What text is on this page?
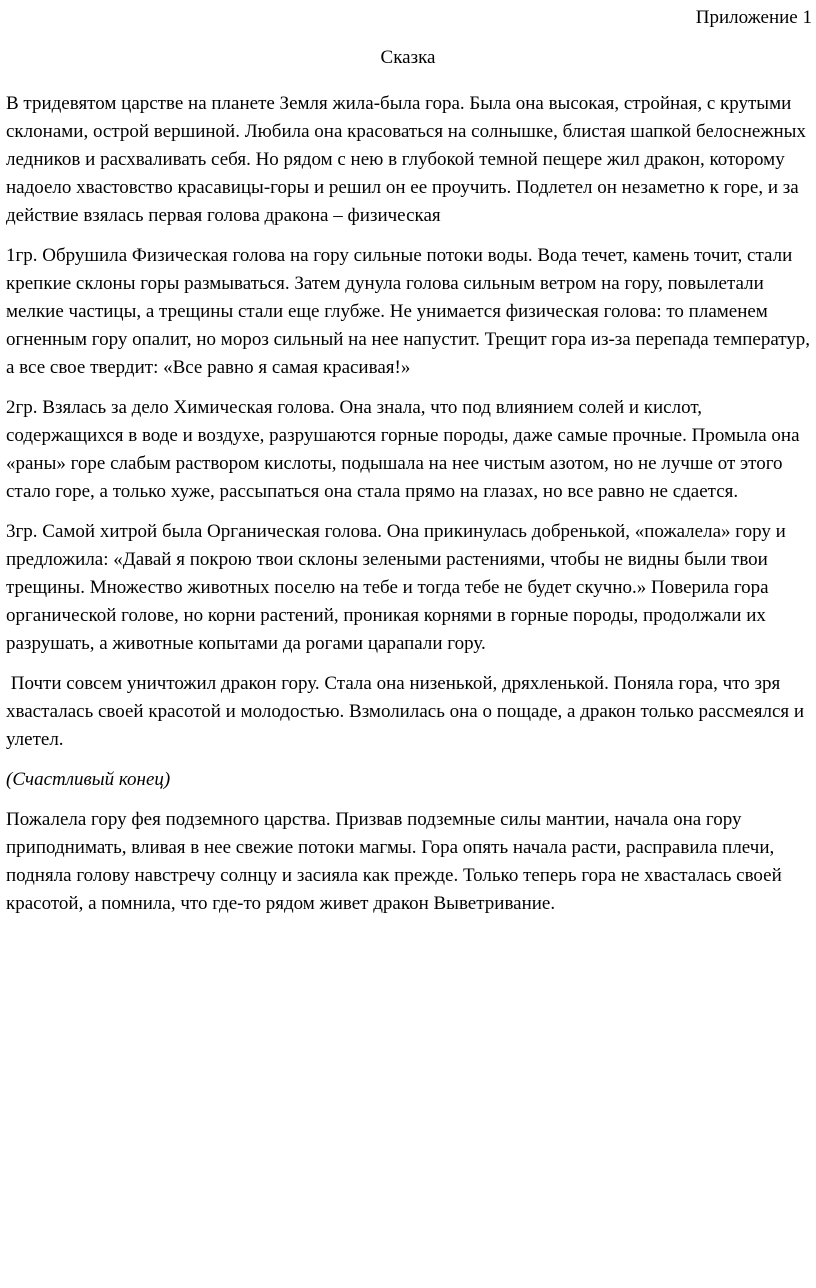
Приложение 1
Сказка

В тридевятом царстве на планете Земля жила-была гора. Была она высокая, стройная, с крутыми склонами, острой вершиной. Любила она красоваться на солнышке, блистая шапкой белоснежных ледников и расхваливать себя. Но рядом с нею в глубокой темной пещере жил дракон, которому надоело хвастовство красавицы-горы и решил он ее проучить. Подлетел он незаметно к горе, и за действие взялась первая голова дракона – физическая

1гр. Обрушила Физическая голова на гору сильные потоки воды. Вода течет, камень точит, стали крепкие склоны горы размываться. Затем дунула голова сильным ветром на гору, повылетали мелкие частицы, а трещины стали еще глубже. Не унимается физическая голова: то пламенем огненным гору опалит, но мороз сильный на нее напустит. Трещит гора из-за перепада температур, а все свое твердит: «Все равно я самая красивая!»

2гр. Взялась за дело Химическая голова. Она знала, что под влиянием солей и кислот, содержащихся в воде и воздухе, разрушаются горные породы, даже самые прочные. Промыла она «раны» горе слабым раствором кислоты, подышала на нее чистым азотом, но не лучше от этого стало горе, а только хуже, рассыпаться она стала прямо на глазах, но все равно не сдается.

3гр. Самой хитрой была Органическая голова. Она прикинулась добренькой, «пожалела» гору и предложила: «Давай я покрою твои склоны зелеными растениями, чтобы не видны были твои трещины. Множество животных поселю на тебе и тогда тебе не будет скучно.» Поверила гора органической голове, но корни растений, проникая корнями в горные породы, продолжали их разрушать, а животные копытами да рогами царапали гору.

Почти совсем уничтожил дракон гору. Стала она низенькой, дряхленькой. Поняла гора, что зря хвасталась своей красотой и молодостью. Взмолилась она о пощаде, а дракон только рассмеялся и улетел.

(Счастливый конец)

Пожалела гору фея подземного царства. Призвав подземные силы мантии, начала она гору приподнимать, вливая в нее свежие потоки магмы. Гора опять начала расти, расправила плечи, подняла голову навстречу солнцу и засияла как прежде. Только теперь гора не хвасталась своей красотой, а помнила, что где-то рядом живет дракон Выветривание.
